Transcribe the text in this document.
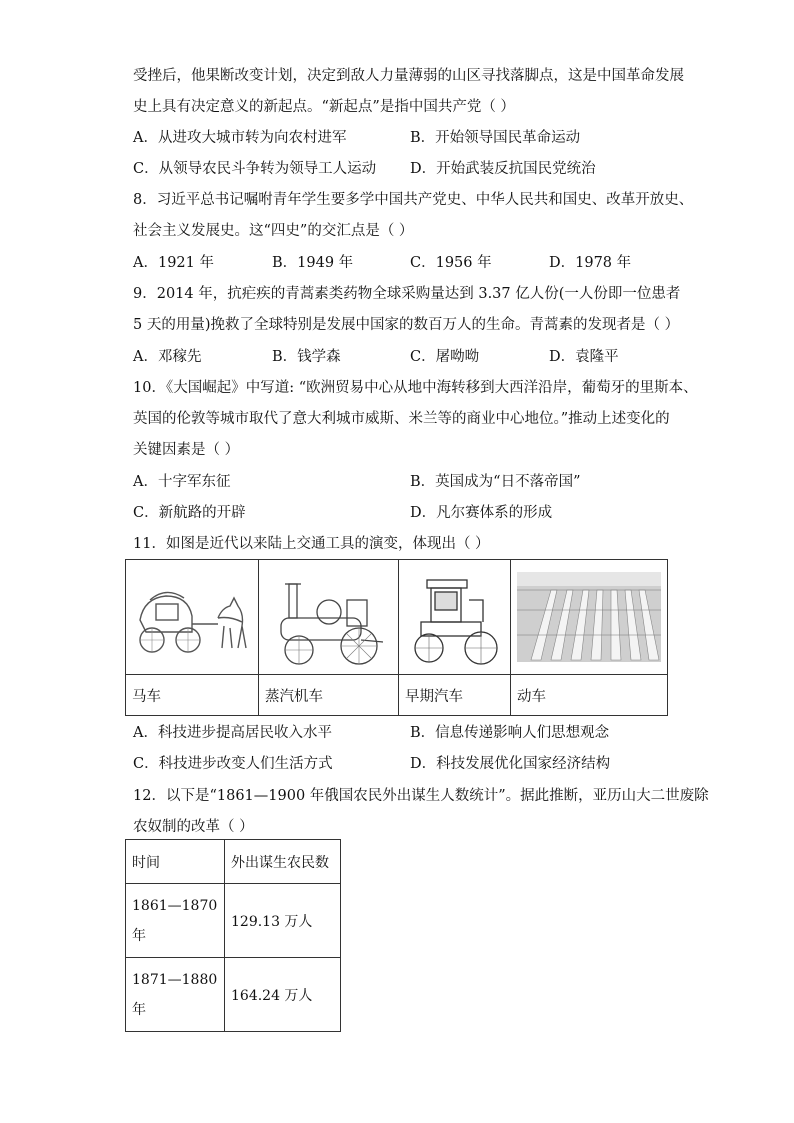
受挫后，他果断改变计划，决定到敌人力量薄弱的山区寻找落脚点，这是中国革命发展
史上具有决定意义的新起点。“新起点”是指中国共产党（ ）
A．从进攻大城市转为向农村进军	B．开始领导国民革命运动
C．从领导农民斗争转为领导工人运动 D．开始武装反抗国民党统治
8．习近平总书记嘱咐青年学生要多学中国共产党史、中华人民共和国史、改革开放史、
社会主义发展史。这“四史”的交汇点是（ ）
A．1921 年	B．1949 年	C．1956 年	D．1978 年
9．2014 年，抗疟疾的青蒿素类药物全球采购量达到 3.37 亿人份(一人份即一位患者
5 天的用量)挽救了全球特别是发展中国家的数百万人的生命。青蒿素的发现者是（ ）
A．邓稼先	B．钱学森	C．屠呦呦	D．袁隆平
10．《大国崛起》中写道: “欧洲贸易中心从地中海转移到大西洋沿岸，葡萄牙的里斯本、
英国的伦敦等城市取代了意大利城市威斯、米兰等的商业中心地位。”推动上述变化的
关键因素是（ ）
A．十字军东征	B．英国成为“日不落帝国”
C．新航路的开辟	D．凡尔赛体系的形成
11．如图是近代以来陆上交通工具的演变，体现出（ ）

马车	蒸汽机车	早期汽车	动车
A．科技进步提高居民收入水平	B．信息传递影响人们思想观念
C．科技进步改变人们生活方式	D．科技发展优化国家经济结构
12．以下是“1861—1900 年俄国农民外出谋生人数统计”。据此推断，亚历山大二世废除
农奴制的改革（ ）
时间	外出谋生农民数

1861—1870
年	129.13 万人

1871—1880
年	164.24 万人
